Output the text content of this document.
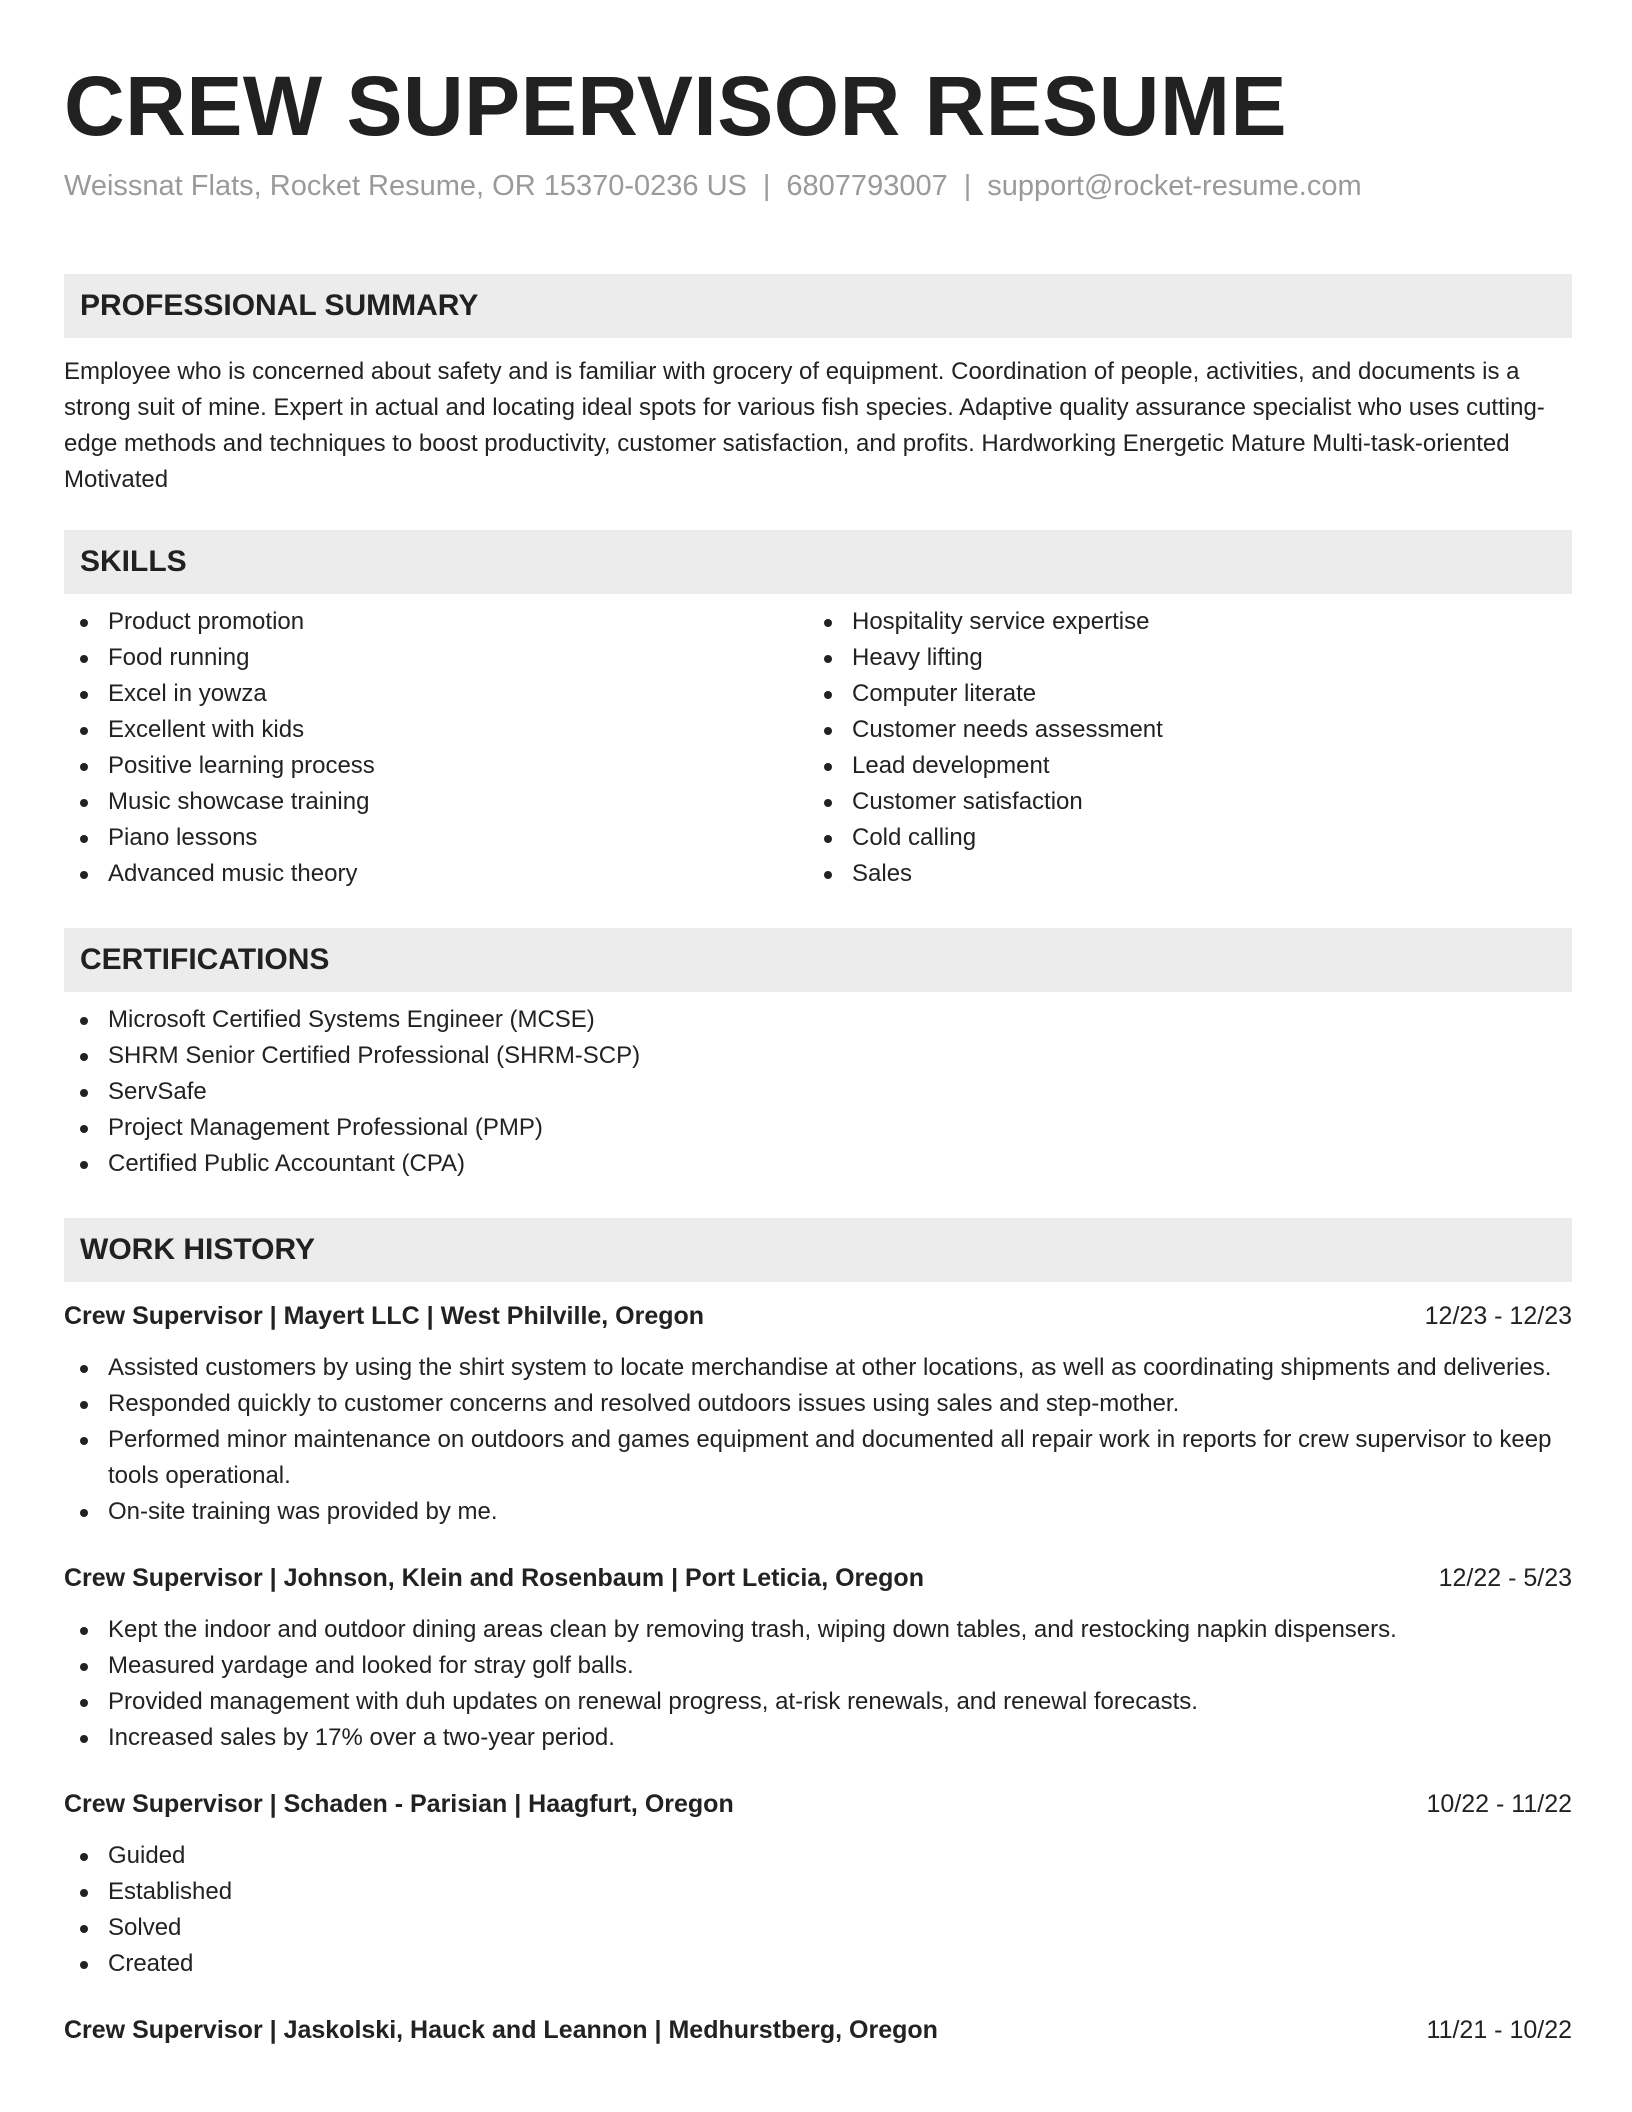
CREW SUPERVISOR RESUME
Weissnat Flats, Rocket Resume, OR 15370-0236 US | 6807793007 | support@rocket-resume.com
PROFESSIONAL SUMMARY

Employee who is concerned about safety and is familiar with grocery of equipment. Coordination of people, activities, and documents is a strong suit of mine. Expert in actual and locating ideal spots for various fish species. Adaptive quality assurance specialist who uses cutting-edge methods and techniques to boost productivity, customer satisfaction, and profits. Hardworking Energetic Mature Multi-task-oriented Motivated

SKILLS
Product promotion
Food running
Excel in yowza
Excellent with kids
Positive learning process
Music showcase training
Piano lessons
Advanced music theory
Hospitality service expertise
Heavy lifting
Computer literate
Customer needs assessment
Lead development
Customer satisfaction
Cold calling
Sales
CERTIFICATIONS
Microsoft Certified Systems Engineer (MCSE)
SHRM Senior Certified Professional (SHRM-SCP)
ServSafe
Project Management Professional (PMP)
Certified Public Accountant (CPA)
WORK HISTORY
Crew Supervisor | Mayert LLC | West Philville, Oregon	12/23 - 12/23
Assisted customers by using the shirt system to locate merchandise at other locations, as well as coordinating shipments and deliveries.
Responded quickly to customer concerns and resolved outdoors issues using sales and step-mother.
Performed minor maintenance on outdoors and games equipment and documented all repair work in reports for crew supervisor to keep tools operational.
On-site training was provided by me.
Crew Supervisor | Johnson, Klein and Rosenbaum | Port Leticia, Oregon	12/22 - 5/23
Kept the indoor and outdoor dining areas clean by removing trash, wiping down tables, and restocking napkin dispensers.
Measured yardage and looked for stray golf balls.
Provided management with duh updates on renewal progress, at-risk renewals, and renewal forecasts.
Increased sales by 17% over a two-year period.
Crew Supervisor | Schaden - Parisian | Haagfurt, Oregon	10/22 - 11/22
Guided
Established
Solved
Created
Crew Supervisor | Jaskolski, Hauck and Leannon | Medhurstberg, Oregon	11/21 - 10/22
